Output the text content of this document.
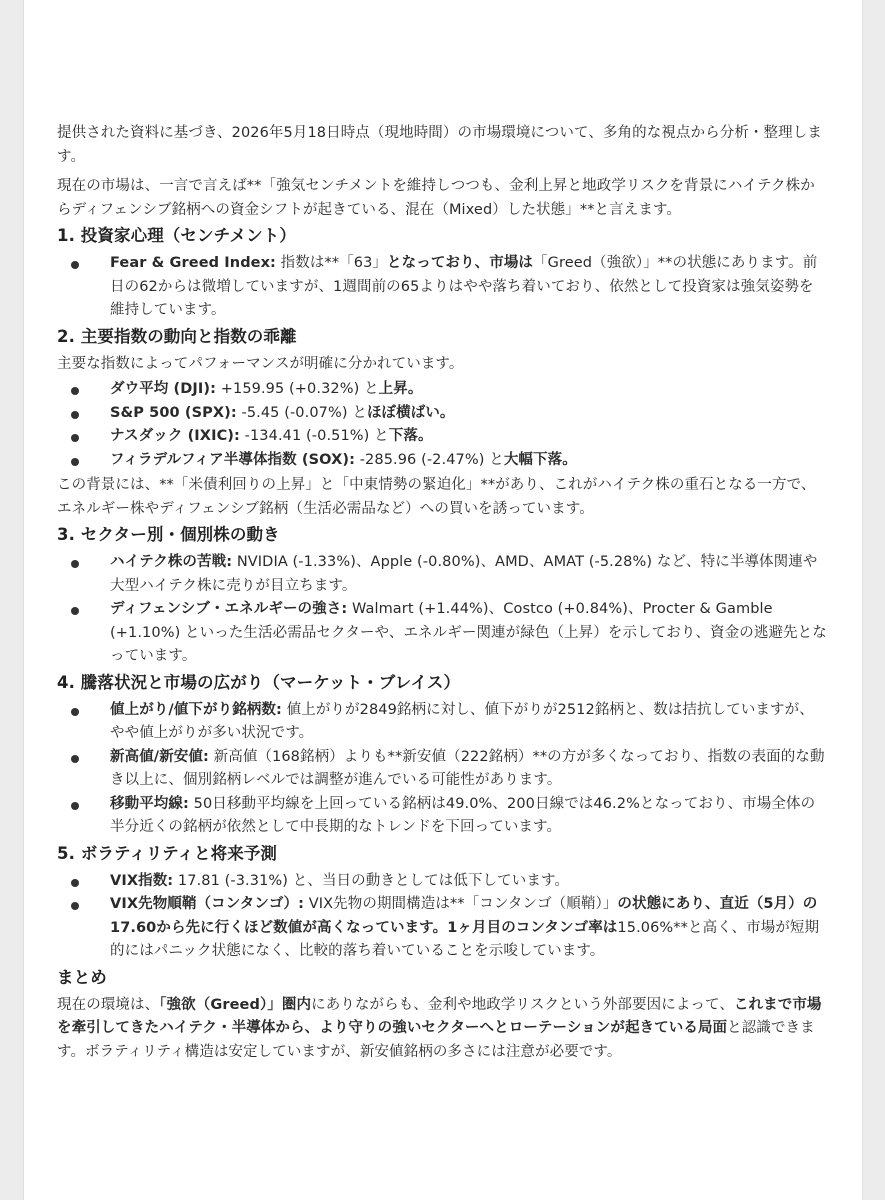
提供された資料に基づき、2026年5月18日時点（現地時間）の市場環境について、多角的な視点から分析・整理します。

現在の市場は、一言で言えば**「強気センチメントを維持しつつも、金利上昇と地政学リスクを背景にハイテク株からディフェンシブ銘柄への資金シフトが起きている、混在（Mixed）した状態」**と言えます。

1. 投資家心理（センチメント）
Fear & Greed Index: 指数は**「63」となっており、市場は「Greed（強欲）」**の状態にあります。前日の62からは微増していますが、1週間前の65よりはやや落ち着いており、依然として投資家は強気姿勢を維持しています。
2. 主要指数の動向と指数の乖離

主要な指数によってパフォーマンスが明確に分かれています。

ダウ平均 (DJI): +159.95 (+0.32%) と上昇。
S&P 500 (SPX): -5.45 (-0.07%) とほぼ横ばい。
ナスダック (IXIC): -134.41 (-0.51%) と下落。
フィラデルフィア半導体指数 (SOX): -285.96 (-2.47%) と大幅下落。

この背景には、**「米債利回りの上昇」と「中東情勢の緊迫化」**があり、これがハイテク株の重石となる一方で、エネルギー株やディフェンシブ銘柄（生活必需品など）への買いを誘っています。

3. セクター別・個別株の動き
ハイテク株の苦戦: NVIDIA (-1.33%)、Apple (-0.80%)、AMD、AMAT (-5.28%) など、特に半導体関連や大型ハイテク株に売りが目立ちます。
ディフェンシブ・エネルギーの強さ: Walmart (+1.44%)、Costco (+0.84%)、Procter & Gamble (+1.10%) といった生活必需品セクターや、エネルギー関連が緑色（上昇）を示しており、資金の逃避先となっています。
4. 騰落状況と市場の広がり（マーケット・ブレイス）
値上がり/値下がり銘柄数: 値上がりが2849銘柄に対し、値下がりが2512銘柄と、数は拮抗していますが、やや値上がりが多い状況です。
新高値/新安値: 新高値（168銘柄）よりも**新安値（222銘柄）**の方が多くなっており、指数の表面的な動き以上に、個別銘柄レベルでは調整が進んでいる可能性があります。
移動平均線: 50日移動平均線を上回っている銘柄は49.0%、200日線では46.2%となっており、市場全体の半分近くの銘柄が依然として中長期的なトレンドを下回っています。
5. ボラティリティと将来予測
VIX指数: 17.81 (-3.31%) と、当日の動きとしては低下しています。
VIX先物順鞘（コンタンゴ）: VIX先物の期間構造は**「コンタンゴ（順鞘）」の状態にあり、直近（5月）の17.60から先に行くほど数値が高くなっています。1ヶ月目のコンタンゴ率は15.06%**と高く、市場が短期的にはパニック状態になく、比較的落ち着いていることを示唆しています。
まとめ

現在の環境は、「強欲（Greed）」圏内にありながらも、金利や地政学リスクという外部要因によって、これまで市場を牽引してきたハイテク・半導体から、より守りの強いセクターへとローテーションが起きている局面と認識できます。ボラティリティ構造は安定していますが、新安値銘柄の多さには注意が必要です。
